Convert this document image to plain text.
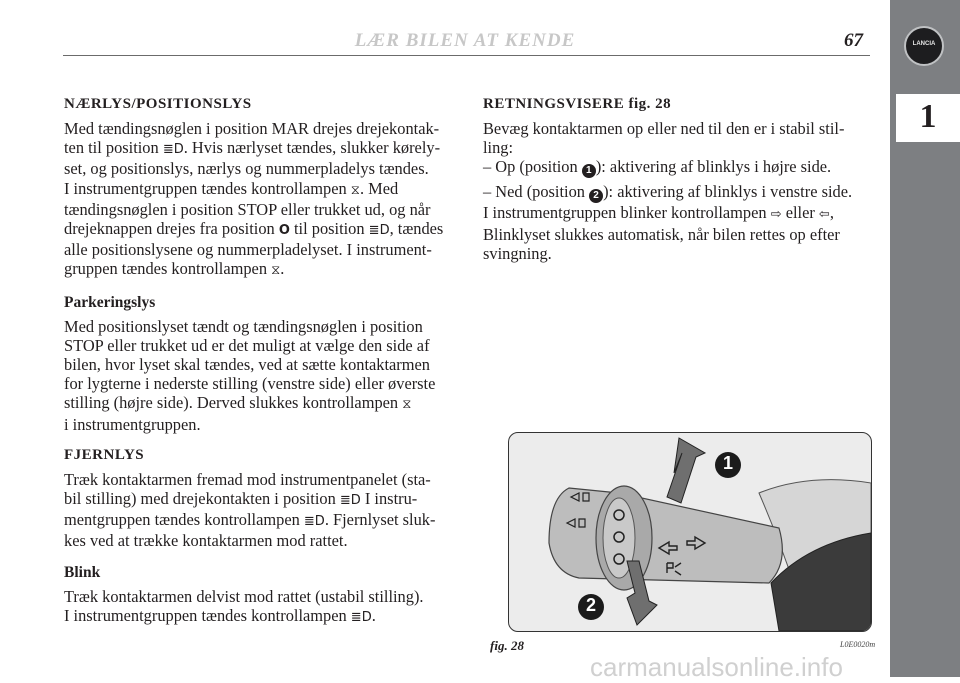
LANCIA
1
LÆR BILEN AT KENDE	67
NÆRLYS/POSITIONSLYS

Med tændingsnøglen i position MAR drejes drejekontak-

ten til position ≣D. Hvis nærlyset tændes, slukker kørely-

set, og positionslys, nærlys og nummerpladelys tændes.

I instrumentgruppen tændes kontrollampen ⧖. Med

tændingsnøglen i position STOP eller trukket ud, og når

drejeknappen drejes fra position O til position ≣D, tændes

alle positionslysene og nummerpladelyset. I instrument-

gruppen tændes kontrollampen ⧖.

Parkeringslys

Med positionslyset tændt og tændingsnøglen i position

STOP eller trukket ud er det muligt at vælge den side af

bilen, hvor lyset skal tændes, ved at sætte kontaktarmen

for lygterne i nederste stilling (venstre side) eller øverste

stilling (højre side). Derved slukkes kontrollampen ⧖

i instrumentgruppen.

FJERNLYS

Træk kontaktarmen fremad mod instrumentpanelet (sta-

bil stilling) med drejekontakten i position ≣D I instru-

mentgruppen tændes kontrollampen ≣D. Fjernlyset sluk-

kes ved at trække kontaktarmen mod rattet.

Blink

Træk kontaktarmen delvist mod rattet (ustabil stilling).

I instrumentgruppen tændes kontrollampen ≣D.

RETNINGSVISERE fig. 28

Bevæg kontaktarmen op eller ned til den er i stabil stil-

ling:

– Op (position 1 ): aktivering af blinklys i højre side.

– Ned (position 2 ): aktivering af blinklys i venstre side.

I instrumentgruppen blinker kontrollampen ⇨ eller ⇦,

Blinklyset slukkes automatisk, når bilen rettes op efter

svingning.

1
2
fig. 28	L0E0020m
carmanualsonline.info
